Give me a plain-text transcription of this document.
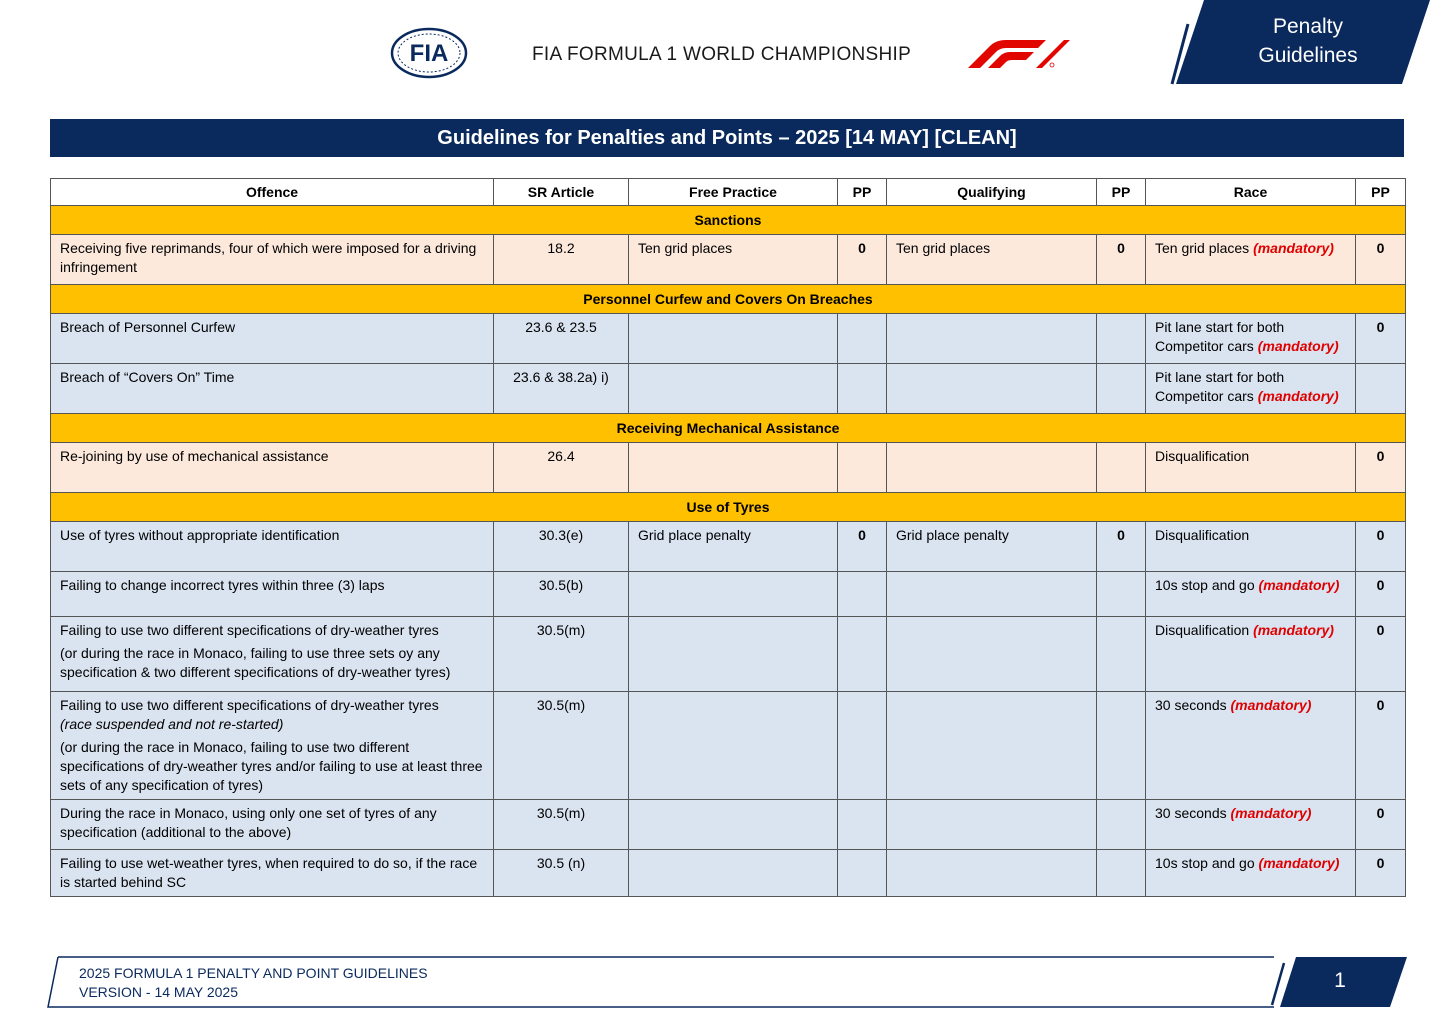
FIA	FIA FORMULA 1 WORLD CHAMPIONSHIP
Penalty
Guidelines
Guidelines for Penalties and Points – 2025 [14 MAY] [CLEAN]
Offence	SR Article	Free Practice	PP	Qualifying	PP	Race	PP
Sanctions							
Receiving five reprimands, four of which were imposed for a driving infringement	18.2	Ten grid places	0	Ten grid places	0	Ten grid places (mandatory)	0
Personnel Curfew and Covers On Breaches							
Breach of Personnel Curfew	23.6 & 23.5					Pit lane start for both Competitor cars (mandatory)	0
Breach of “Covers On” Time	23.6 & 38.2a) i)					Pit lane start for both Competitor cars (mandatory)	
Receiving Mechanical Assistance							
Re-joining by use of mechanical assistance	26.4					Disqualification	0
Use of Tyres							
Use of tyres without appropriate identification	30.3(e)	Grid place penalty	0	Grid place penalty	0	Disqualification	0
Failing to change incorrect tyres within three (3) laps	30.5(b)					10s stop and go (mandatory)	0

Failing to use two different specifications of dry-weather tyres
(or during the race in Monaco, failing to use three sets oy any specification & two different specifications of dry-weather tyres)	30.5(m)					Disqualification (mandatory)	0

Failing to use two different specifications of dry-weather tyres
(race suspended and not re-started)
(or during the race in Monaco, failing to use two different specifications of dry-weather tyres and/or failing to use at least three sets of any specification of tyres)	30.5(m)					30 seconds (mandatory)	0
During the race in Monaco, using only one set of tyres of any specification (additional to the above)	30.5(m)					30 seconds (mandatory)	0
Failing to use wet-weather tyres, when required to do so, if the race is started behind SC	30.5 (n)					10s stop and go (mandatory)	0
2025 FORMULA 1 PENALTY AND POINT GUIDELINES
VERSION - 14 MAY 2025	1
